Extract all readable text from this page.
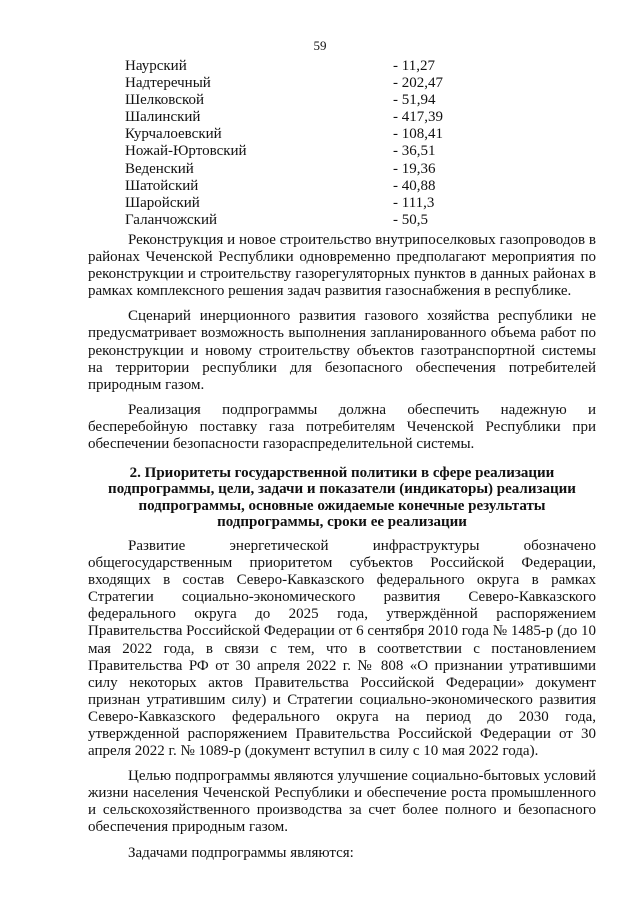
59
Наурский	- 11,27
Надтеречный	- 202,47
Шелковской	- 51,94
Шалинский	- 417,39
Курчалоевский	- 108,41
Ножай-Юртовский	- 36,51
Веденский	- 19,36
Шатойский	- 40,88
Шаройский	- 111,3
Галанчожский	- 50,5

Реконструкция и новое строительство внутрипоселковых газопроводов в районах Чеченской Республики одновременно предполагают мероприятия по реконструкции и строительству газорегуляторных пунктов в данных районах в рамках комплексного решения задач развития газоснабжения в республике.

Сценарий инерционного развития газового хозяйства республики не предусматривает возможность выполнения запланированного объема работ по реконструкции и новому строительству объектов газотранспортной системы на территории республики для безопасного обеспечения потребителей природным газом.

Реализация подпрограммы должна обеспечить надежную и бесперебойную поставку газа потребителям Чеченской Республики при обеспечении безопасности газораспределительной системы.

2. Приоритеты государственной политики в сфере реализации подпрограммы, цели, задачи и показатели (индикаторы) реализации подпрограммы, основные ожидаемые конечные результаты подпрограммы, сроки ее реализации

Развитие энергетической инфраструктуры обозначено общегосударственным приоритетом субъектов Российской Федерации, входящих в состав Северо-Кавказского федерального округа в рамках Стратегии социально-экономического развития Северо-Кавказского федерального округа до 2025 года, утверждённой распоряжением Правительства Российской Федерации от 6 сентября 2010 года № 1485-р (до 10 мая 2022 года, в связи с тем, что в соответствии с постановлением Правительства РФ от 30 апреля 2022 г. № 808 «О признании утратившими силу некоторых актов Правительства Российской Федерации» документ признан утратившим силу) и Стратегии социально-экономического развития Северо-Кавказского федерального округа на период до 2030 года, утвержденной распоряжением Правительства Российской Федерации от 30 апреля 2022 г. № 1089-р (документ вступил в силу с 10 мая 2022 года).

Целью подпрограммы являются улучшение социально-бытовых условий жизни населения Чеченской Республики и обеспечение роста промышленного и сельскохозяйственного производства за счет более полного и безопасного обеспечения природным газом.

Задачами подпрограммы являются:
